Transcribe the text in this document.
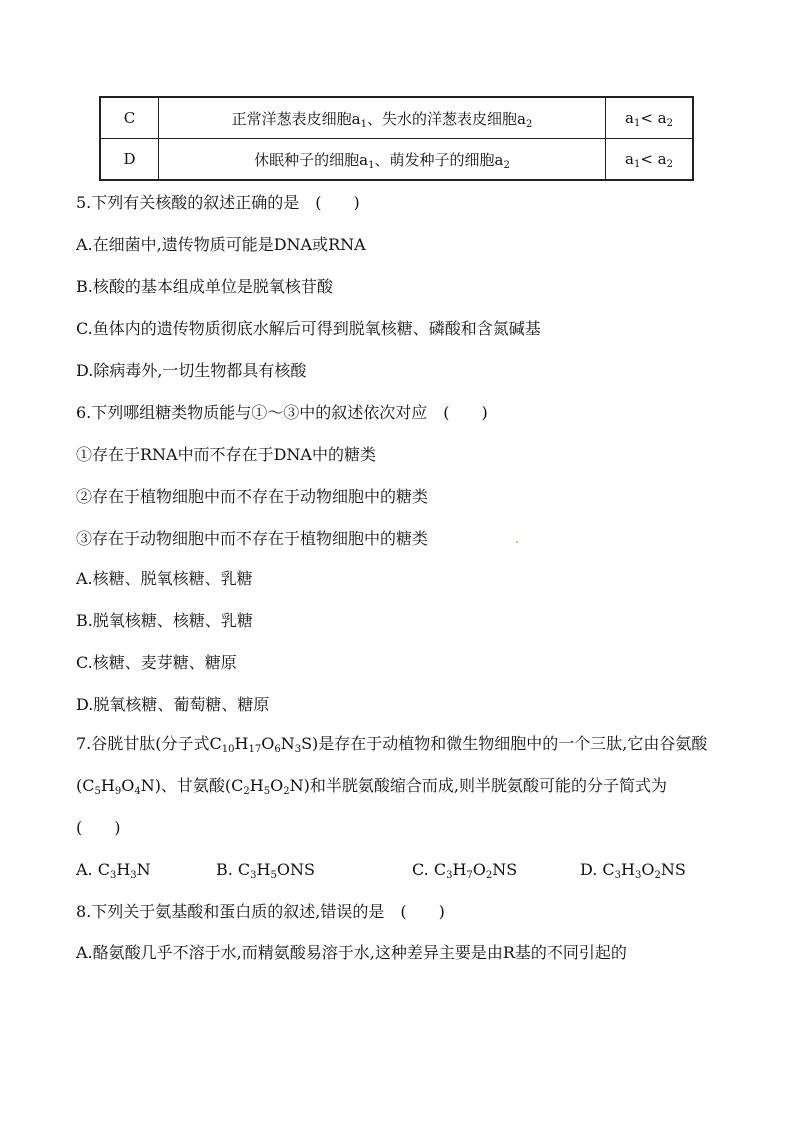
C	正常洋葱表皮细胞$a_1$、失水的洋葱表皮细胞$a_2$	$a_1< a_2$
D	休眠种子的细胞$a_1$、萌发种子的细胞$a_2$	$a_1< a_2$
5.下列有关核酸的叙述正确的是　(　　)
A.在细菌中,遗传物质可能是DNA或RNA
B.核酸的基本组成单位是脱氧核苷酸
C.鱼体内的遗传物质彻底水解后可得到脱氧核糖、磷酸和含氮碱基
D.除病毒外,一切生物都具有核酸
6.下列哪组糖类物质能与①～③中的叙述依次对应　(　　)
①存在于RNA中而不存在于DNA中的糖类
②存在于植物细胞中而不存在于动物细胞中的糖类
③存在于动物细胞中而不存在于植物细胞中的糖类
A.核糖、脱氧核糖、乳糖
B.脱氧核糖、核糖、乳糖
C.核糖、麦芽糖、糖原
D.脱氧核糖、葡萄糖、糖原
7.谷胱甘肽(分子式$C_{10}H_{17}O_6N_3S$)是存在于动植物和微生物细胞中的一个三肽,它由谷氨酸$(C_5H_9O_4N)$、甘氨酸$(C_2H_5O_2N)$和半胱氨酸缩合而成,则半胱氨酸可能的分子简式为　(　　)
A. $C_3H_3N$	B. $C_3H_5ONS$	C. $C_3H_7O_2NS$	D. $C_3H_3O_2NS$
8.下列关于氨基酸和蛋白质的叙述,错误的是　(　　)
A.酪氨酸几乎不溶于水,而精氨酸易溶于水,这种差异主要是由R基的不同引起的
